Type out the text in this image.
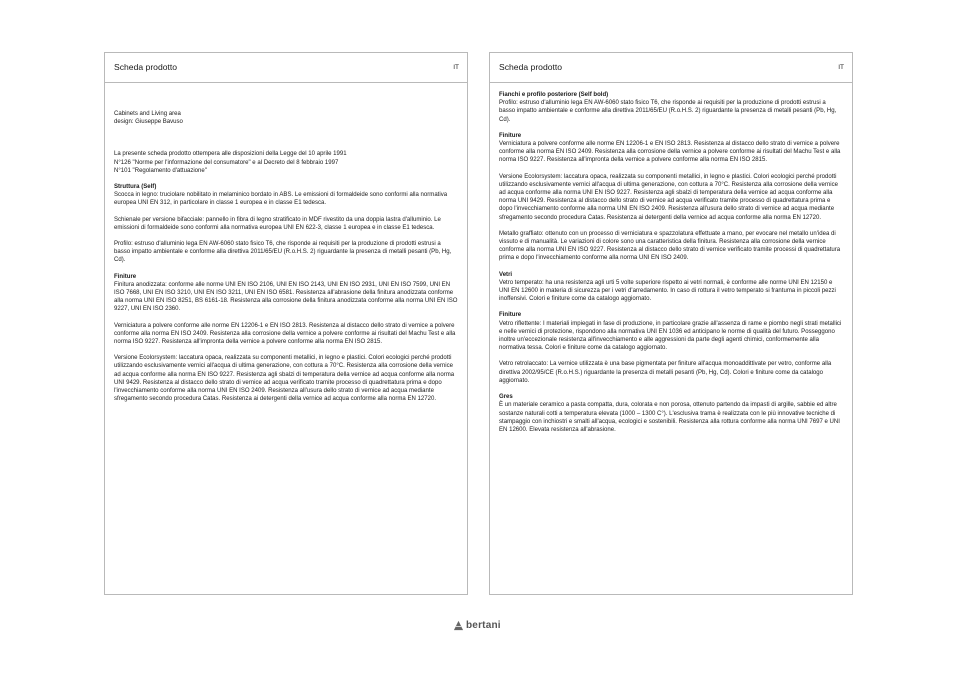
Scheda prodotto	IT

Cabinets and Living area

design: Giuseppe Bavuso

La presente scheda prodotto ottempera alle disposizioni della Legge del 10 aprile 1991

N°126 "Norme per l'informazione del consumatore" e al Decreto del 8 febbraio 1997

N°101 "Regolamento d'attuazione"

Struttura (Self)

Scocca in legno: truciolare nobilitato in melaminico bordato in ABS. Le emissioni di formaldeide sono conformi alla normativa europea UNI EN 312, in particolare in classe 1 europea e in classe E1 tedesca.

Schienale per versione bifacciale: pannello in fibra di legno stratificato in MDF rivestito da una doppia lastra d'alluminio. Le emissioni di formaldeide sono conformi alla normativa europea UNI EN 622-3, classe 1 europea e in classe E1 tedesca.

Profilo: estruso d'alluminio lega EN AW-6060 stato fisico T6, che risponde ai requisiti per la produzione di prodotti estrusi a basso impatto ambientale e conforme alla direttiva 2011/65/EU (R.o.H.S. 2) riguardante la presenza di metalli pesanti (Pb, Hg, Cd).

Finiture

Finitura anodizzata: conforme alle norme UNI EN ISO 2106, UNI EN ISO 2143, UNI EN ISO 2931, UNI EN ISO 7599, UNI EN ISO 7668, UNI EN ISO 3210, UNI EN ISO 3211, UNI EN ISO 6581. Resistenza all'abrasione della finitura anodizzata conforme alla norma UNI EN ISO 8251, BS 6161-18. Resistenza alla corrosione della finitura anodizzata conforme alla norma UNI EN ISO 9227, UNI EN ISO 2360.

Verniciatura a polvere conforme alle norme EN 12206-1 e EN ISO 2813. Resistenza al distacco dello strato di vernice a polvere conforme alla norma EN ISO 2409. Resistenza alla corrosione della vernice a polvere conforme ai risultati del Machu Test e alla norma ISO 9227. Resistenza all'impronta della vernice a polvere conforme alla norma EN ISO 2815.

Versione Ecolorsystem: laccatura opaca, realizzata su componenti metallici, in legno e plastici. Colori ecologici perché prodotti utilizzando esclusivamente vernici all'acqua di ultima generazione, con cottura a 70°C. Resistenza alla corrosione della vernice ad acqua conforme alla norma EN ISO 9227. Resistenza agli sbalzi di temperatura della vernice ad acqua conforme alla norma UNI 9429. Resistenza al distacco dello strato di vernice ad acqua verificato tramite processo di quadrettatura prima e dopo l'invecchiamento conforme alla norma UNI EN ISO 2409. Resistenza all'usura dello strato di vernice ad acqua mediante sfregamento secondo procedura Catas. Resistenza ai detergenti della vernice ad acqua conforme alla norma EN 12720.

Scheda prodotto	IT

Fianchi e profilo posteriore (Self bold)

Profilo: estruso d'alluminio lega EN AW-6060 stato fisico T6, che risponde ai requisiti per la produzione di prodotti estrusi a basso impatto ambientale e conforme alla direttiva 2011/65/EU (R.o.H.S. 2) riguardante la presenza di metalli pesanti (Pb, Hg, Cd).

Finiture

Verniciatura a polvere conforme alle norme EN 12206-1 e EN ISO 2813. Resistenza al distacco dello strato di vernice a polvere conforme alla norma EN ISO 2409. Resistenza alla corrosione della vernice a polvere conforme ai risultati del Machu Test e alla norma ISO 9227. Resistenza all'impronta della vernice a polvere conforme alla norma EN ISO 2815.

Versione Ecolorsystem: laccatura opaca, realizzata su componenti metallici, in legno e plastici. Colori ecologici perché prodotti utilizzando esclusivamente vernici all'acqua di ultima generazione, con cottura a 70°C. Resistenza alla corrosione della vernice ad acqua conforme alla norma UNI EN ISO 9227. Resistenza agli sbalzi di temperatura della vernice ad acqua conforme alla norma UNI 9429. Resistenza al distacco dello strato di vernice ad acqua verificato tramite processo di quadrettatura prima e dopo l'invecchiamento conforme alla norma UNI EN ISO 2409. Resistenza all'usura dello strato di vernice ad acqua mediante sfregamento secondo procedura Catas. Resistenza ai detergenti della vernice ad acqua conforme alla norma EN 12720.

Metallo graffiato: ottenuto con un processo di verniciatura e spazzolatura effettuate a mano, per evocare nel metallo un'idea di vissuto e di manualità. Le variazioni di colore sono una caratteristica della finitura. Resistenza alla corrosione della vernice conforme alla norma UNI EN ISO 9227. Resistenza al distacco dello strato di vernice verificato tramite processi di quadrettatura prima e dopo l'invecchiamento conforme alla norma UNI EN ISO 2409.

Vetri

Vetro temperato: ha una resistenza agli urti 5 volte superiore rispetto ai vetri normali, è conforme alle norme UNI EN 12150 e UNI EN 12600 in materia di sicurezza per i vetri d'arredamento. In caso di rottura il vetro temperato si frantuma in piccoli pezzi inoffensivi. Colori e finiture come da catalogo aggiornato.

Finiture

Vetro riflettente: I materiali impiegati in fase di produzione, in particolare grazie all'assenza di rame e piombo negli strati metallici e nelle vernici di protezione, rispondono alla normativa UNI EN 1036 ed anticipano le norme di qualità del futuro. Posseggono inoltre un'eccezionale resistenza all'invecchiamento e alle aggressioni da parte degli agenti chimici, conformemente alla normativa tessa. Colori e finiture come da catalogo aggiornato.

Vetro retrolaccato: La vernice utilizzata è una base pigmentata per finiture all'acqua monoaddittivate per vetro, conforme alla direttiva 2002/95/CE (R.o.H.S.) riguardante la presenza di metalli pesanti (Pb, Hg, Cd). Colori e finiture come da catalogo aggiornato.

Gres

È un materiale ceramico a pasta compatta, dura, colorata e non porosa, ottenuto partendo da impasti di argille, sabbie ed altre sostanze naturali cotti a temperatura elevata (1000 – 1300 C°). L'esclusiva trama è realizzata con le più innovative tecniche di stampaggio con inchiostri e smalti all'acqua, ecologici e sostenibili. Resistenza alla rottura conforme alla norma UNI 7697 e UNI EN 12600. Elevata resistenza all'abrasione.

bertani
